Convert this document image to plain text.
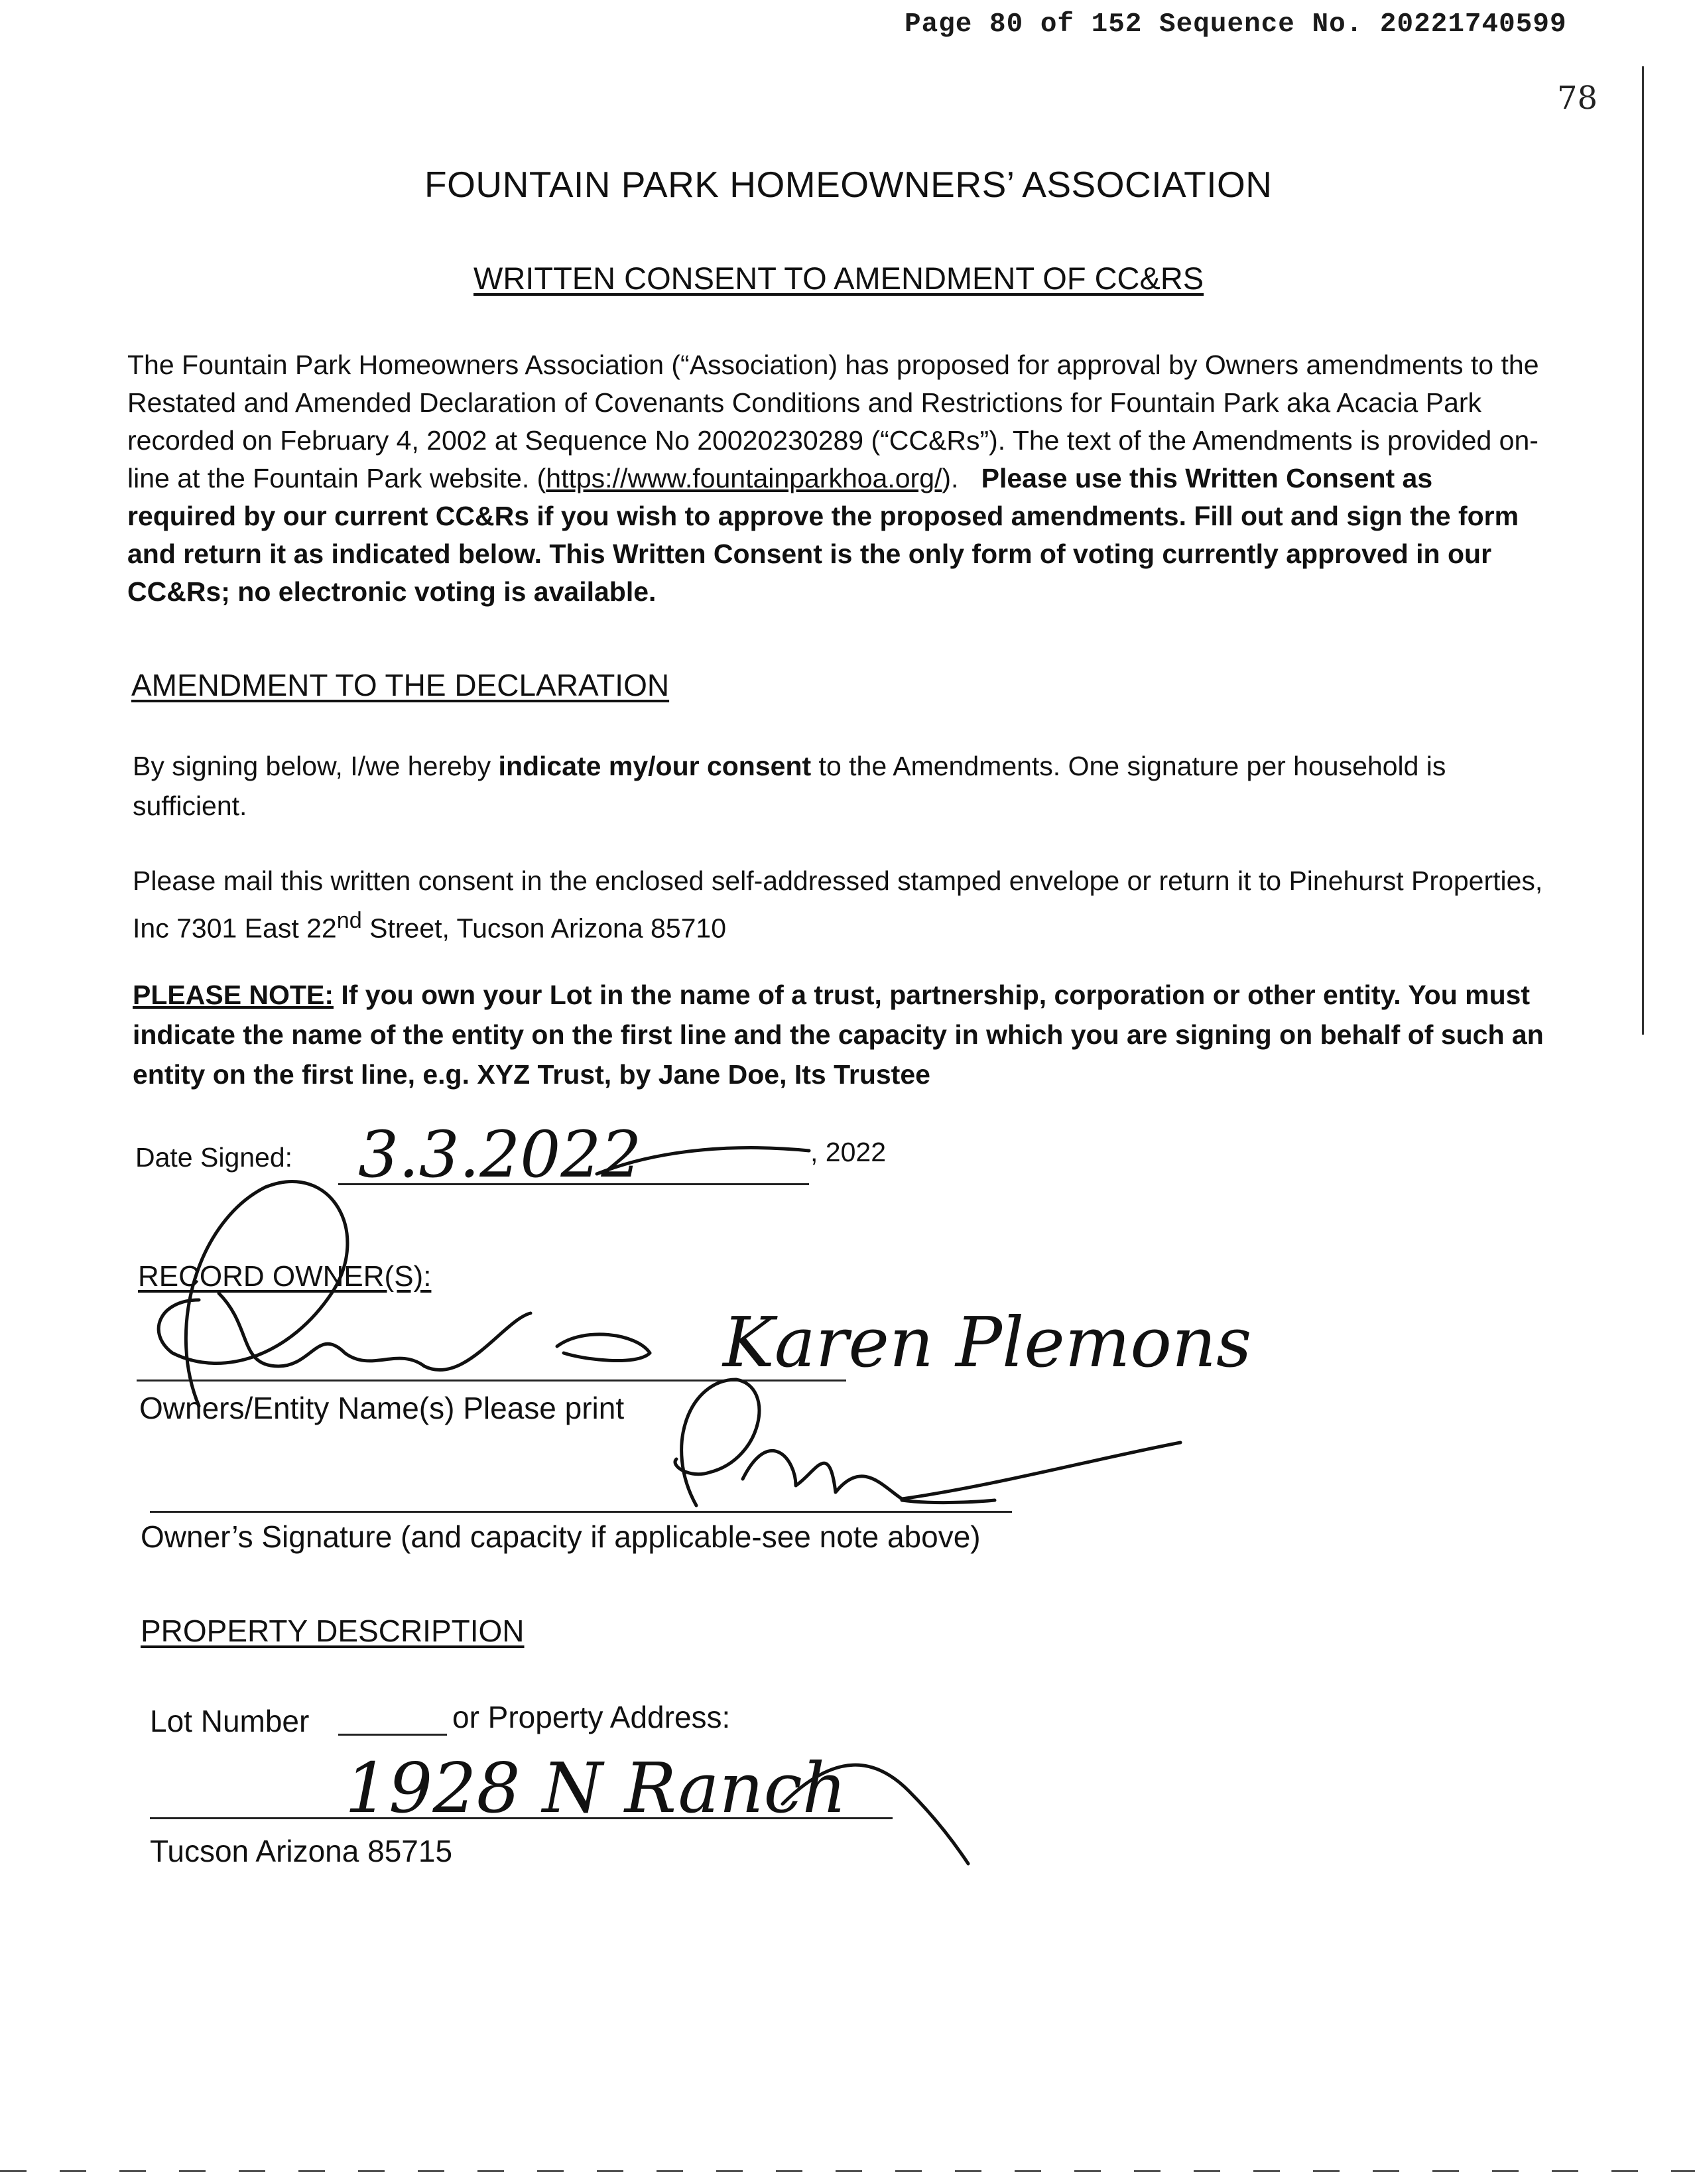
Page 80 of 152 Sequence No. 20221740599
78
FOUNTAIN PARK HOMEOWNERS’ ASSOCIATION
WRITTEN CONSENT TO AMENDMENT OF CC&RS
The Fountain Park Homeowners Association (“Association) has proposed for approval by Owners amendments to the Restated and Amended Declaration of Covenants Conditions and Restrictions for Fountain Park aka Acacia Park recorded on February 4, 2002 at Sequence No 20020230289 (“CC&Rs”). The text of the Amendments is provided on-line at the Fountain Park website. (https://www.fountainparkhoa.org/). Please use this Written Consent as required by our current CC&Rs if you wish to approve the proposed amendments. Fill out and sign the form and return it as indicated below. This Written Consent is the only form of voting currently approved in our CC&Rs; no electronic voting is available.
AMENDMENT TO THE DECLARATION
By signing below, I/we hereby indicate my/our consent to the Amendments. One signature per household is sufficient.
Please mail this written consent in the enclosed self-addressed stamped envelope or return it to Pinehurst Properties, Inc 7301 East 22nd Street, Tucson Arizona 85710
PLEASE NOTE: If you own your Lot in the name of a trust, partnership, corporation or other entity. You must indicate the name of the entity on the first line and the capacity in which you are signing on behalf of such an entity on the first line, e.g. XYZ Trust, by Jane Doe, Its Trustee
Date Signed:	, 2022
RECORD OWNER(S):
Owners/Entity Name(s) Please print
Owner’s Signature (and capacity if applicable-see note above)
PROPERTY DESCRIPTION
Lot Number	or Property Address:
Tucson Arizona 85715
3.3.2022
Karen Plemons
1928 N Ranch
